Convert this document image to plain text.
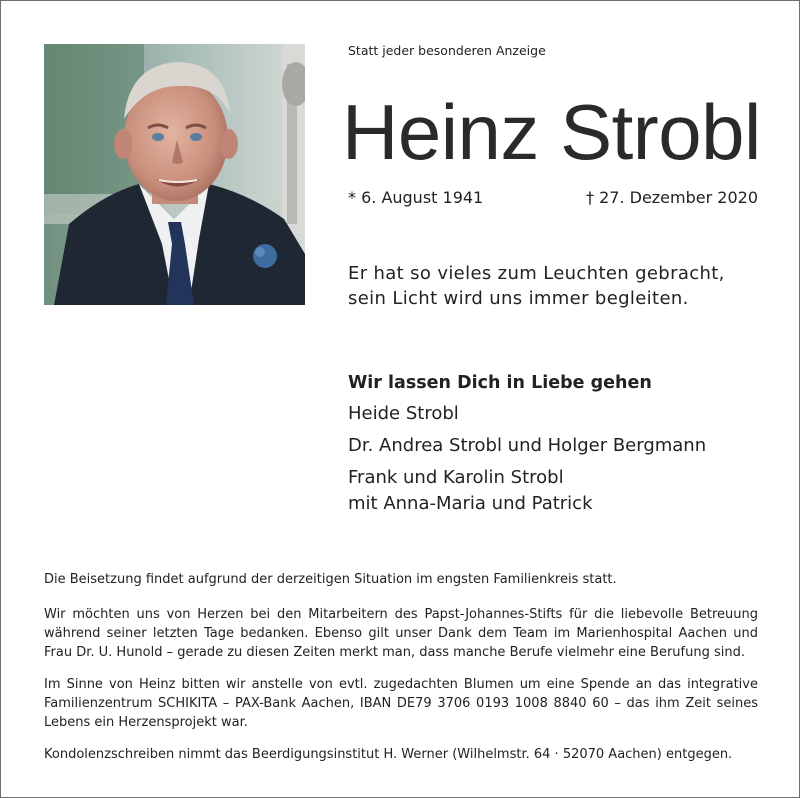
Statt jeder besonderen Anzeige
Heinz Strobl
* 6. August 1941	† 27. Dezember 2020
Er hat so vieles zum Leuchten gebracht,
sein Licht wird uns immer begleiten.
Wir lassen Dich in Liebe gehen
Heide Strobl
Dr. Andrea Strobl und Holger Bergmann
Frank und Karolin Strobl
mit Anna-Maria und Patrick
Die Beisetzung findet aufgrund der derzeitigen Situation im engsten Familienkreis statt.
Wir möchten uns von Herzen bei den Mitarbeitern des Papst-Johannes-Stifts für die liebevolle Betreuung während seiner letzten Tage bedanken. Ebenso gilt unser Dank dem Team im Marienhospital Aachen und Frau Dr. U. Hunold – gerade zu diesen Zeiten merkt man, dass manche Berufe vielmehr eine Berufung sind.
Im Sinne von Heinz bitten wir anstelle von evtl. zugedachten Blumen um eine Spende an das integrative Familienzentrum SCHIKITA – PAX-Bank Aachen, IBAN DE79 3706 0193 1008 8840 60 – das ihm Zeit seines Lebens ein Herzensprojekt war.
Kondolenzschreiben nimmt das Beerdigungsinstitut H. Werner (Wilhelmstr. 64 · 52070 Aachen) entgegen.
